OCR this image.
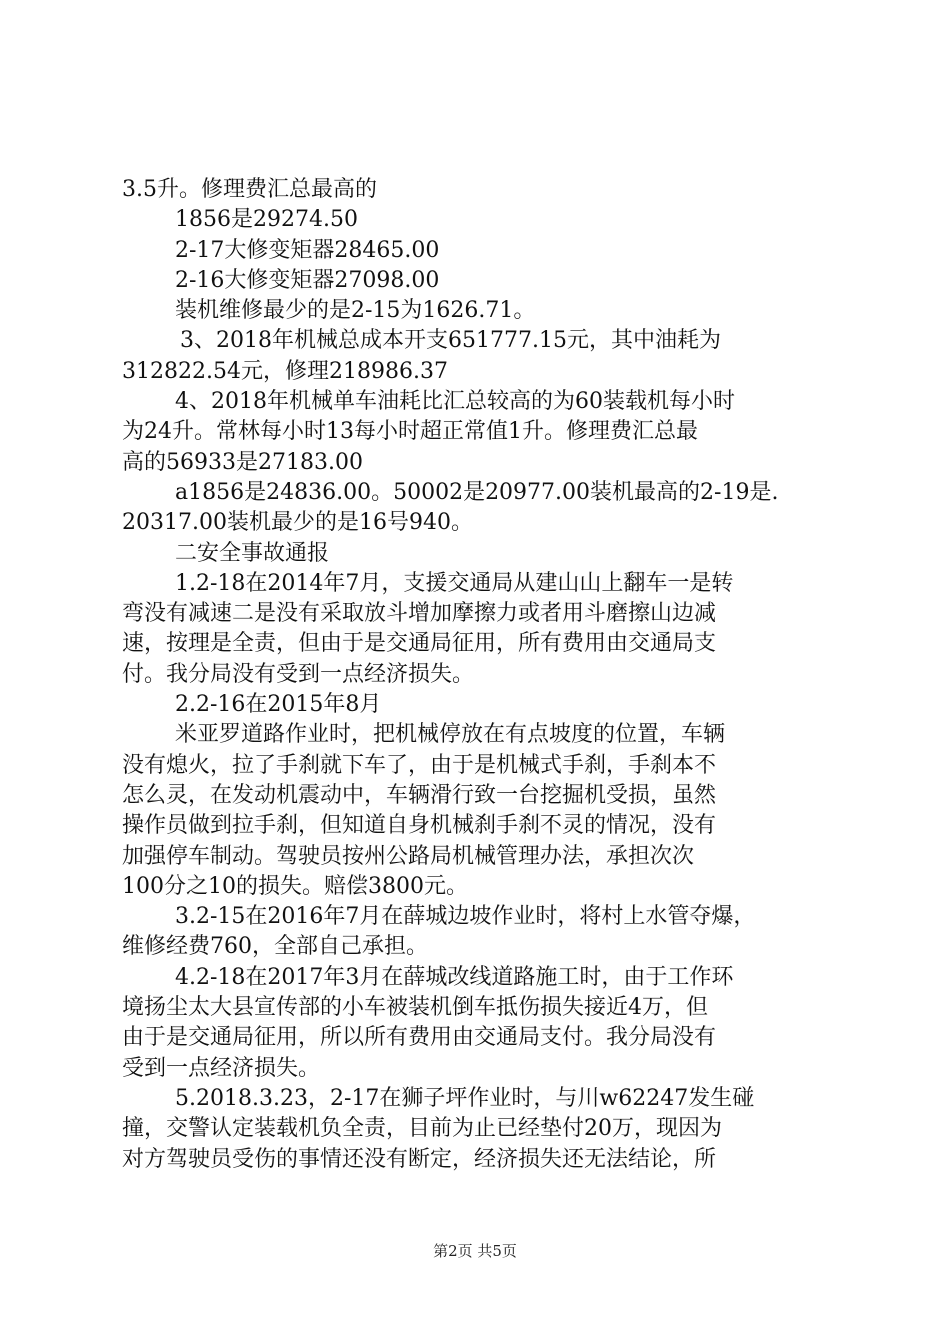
3.5升。修理费汇总最高的
1856是29274.50
2-17大修变矩器28465.00
2-16大修变矩器27098.00
装机维修最少的是2-15为1626.71。
3、2018年机械总成本开支651777.15元，其中油耗为
312822.54元，修理218986.37
4、2018年机械单车油耗比汇总较高的为60装载机每小时
为24升。常林每小时13每小时超正常值1升。修理费汇总最
高的56933是27183.00
a1856是24836.00。50002是20977.00装机最高的2-19是.
20317.00装机最少的是16号940。
二安全事故通报
1.2-18在2014年7月，支援交通局从建山山上翻车一是转
弯没有减速二是没有采取放斗增加摩擦力或者用斗磨擦山边减
速，按理是全责，但由于是交通局征用，所有费用由交通局支
付。我分局没有受到一点经济损失。
2.2-16在2015年8月
米亚罗道路作业时，把机械停放在有点坡度的位置，车辆
没有熄火，拉了手刹就下车了，由于是机械式手刹，手刹本不
怎么灵，在发动机震动中，车辆滑行致一台挖掘机受损，虽然
操作员做到拉手刹，但知道自身机械刹手刹不灵的情况，没有
加强停车制动。驾驶员按州公路局机械管理办法，承担次次
100分之10的损失。赔偿3800元。
3.2-15在2016年7月在薛城边坡作业时，将村上水管夺爆，
维修经费760，全部自己承担。
4.2-18在2017年3月在薛城改线道路施工时，由于工作环
境扬尘太大县宣传部的小车被装机倒车抵伤损失接近4万，但
由于是交通局征用，所以所有费用由交通局支付。我分局没有
受到一点经济损失。
5.2018.3.23，2-17在狮子坪作业时，与川w62247发生碰
撞，交警认定装载机负全责，目前为止已经垫付20万，现因为
对方驾驶员受伤的事情还没有断定，经济损失还无法结论，所
第2页 共5页
